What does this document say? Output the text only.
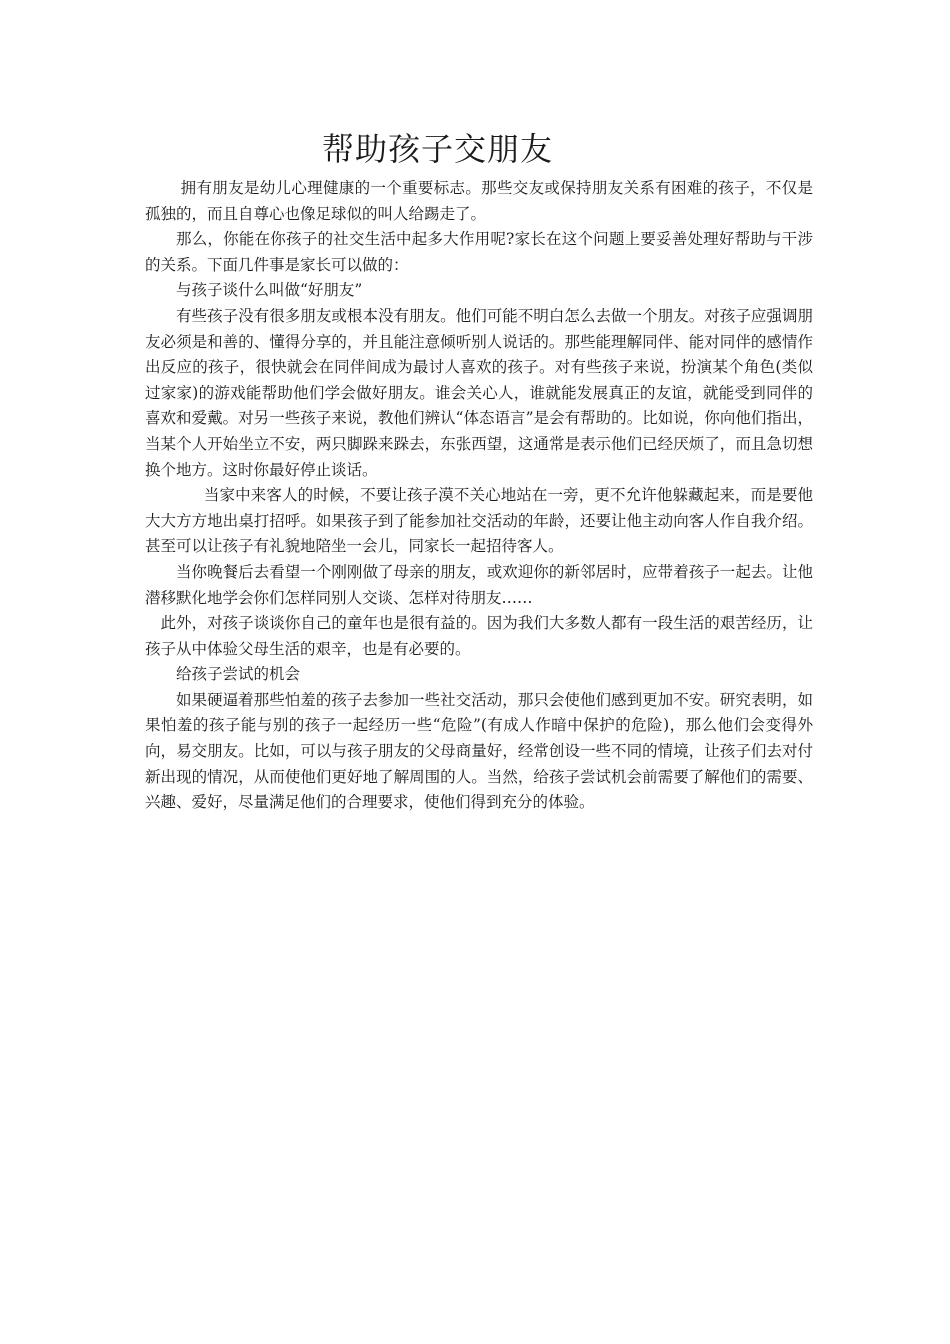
帮助孩子交朋友

拥有朋友是幼儿心理健康的一个重要标志。那些交友或保持朋友关系有困难的孩子，不仅是孤独的，而且自尊心也像足球似的叫人给踢走了。

那么，你能在你孩子的社交生活中起多大作用呢?家长在这个问题上要妥善处理好帮助与干涉的关系。下面几件事是家长可以做的：

与孩子谈什么叫做“好朋友”

有些孩子没有很多朋友或根本没有朋友。他们可能不明白怎么去做一个朋友。对孩子应强调朋友必须是和善的、懂得分享的，并且能注意倾听别人说话的。那些能理解同伴、能对同伴的感情作出反应的孩子，很快就会在同伴间成为最讨人喜欢的孩子。对有些孩子来说，扮演某个角色(类似过家家)的游戏能帮助他们学会做好朋友。谁会关心人，谁就能发展真正的友谊，就能受到同伴的喜欢和爱戴。对另一些孩子来说，教他们辨认“体态语言”是会有帮助的。比如说，你向他们指出，当某个人开始坐立不安，两只脚跺来跺去，东张西望，这通常是表示他们已经厌烦了，而且急切想换个地方。这时你最好停止谈话。

当家中来客人的时候，不要让孩子漠不关心地站在一旁，更不允许他躲藏起来，而是要他大大方方地出桌打招呼。如果孩子到了能参加社交活动的年龄，还要让他主动向客人作自我介绍。甚至可以让孩子有礼貌地陪坐一会儿，同家长一起招待客人。

当你晚餐后去看望一个刚刚做了母亲的朋友，或欢迎你的新邻居时，应带着孩子一起去。让他潜移默化地学会你们怎样同别人交谈、怎样对待朋友……

此外，对孩子谈谈你自己的童年也是很有益的。因为我们大多数人都有一段生活的艰苦经历，让孩子从中体验父母生活的艰辛，也是有必要的。

给孩子尝试的机会

如果硬逼着那些怕羞的孩子去参加一些社交活动，那只会使他们感到更加不安。研究表明，如果怕羞的孩子能与别的孩子一起经历一些“危险”(有成人作暗中保护的危险)，那么他们会变得外向，易交朋友。比如，可以与孩子朋友的父母商量好，经常创设一些不同的情境，让孩子们去对付新出现的情况，从而使他们更好地了解周围的人。当然，给孩子尝试机会前需要了解他们的需要、兴趣、爱好，尽量满足他们的合理要求，使他们得到充分的体验。
